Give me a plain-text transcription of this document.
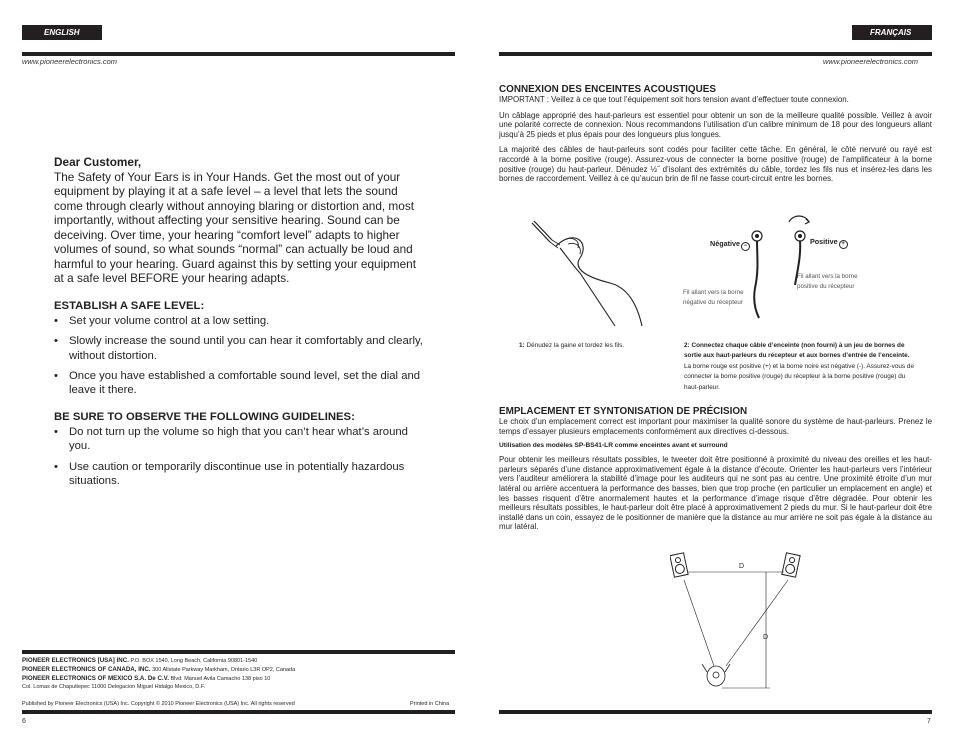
ENGLISH
www.pioneerelectronics.com
Dear Customer,
The Safety of Your Ears is in Your Hands. Get the most out of your equipment by playing it at a safe level – a level that lets the sound come through clearly without annoying blaring or distortion and, most importantly, without affecting your sensitive hearing. Sound can be deceiving. Over time, your hearing “comfort level” adapts to higher volumes of sound, so what sounds “normal” can actually be loud and harmful to your hearing. Guard against this by setting your equipment at a safe level BEFORE your hearing adapts.
ESTABLISH A SAFE LEVEL:
• Set your volume control at a low setting.
• Slowly increase the sound until you can hear it comfortably and clearly, without distortion.
• Once you have established a comfortable sound level, set the dial and leave it there.
BE SURE TO OBSERVE THE FOLLOWING GUIDELINES:
• Do not turn up the volume so high that you can’t hear what’s around you.
• Use caution or temporarily discontinue use in potentially hazardous situations.
PIONEER ELECTRONICS [USA] INC. P.O. BOX 1540, Long Beach, California 90801-1540
PIONEER ELECTRONICS OF CANADA, INC. 300 Allstate Parkway Markham, Ontario L3R OP2, Canada
PIONEER ELECTRONICS OF MEXICO S.A. De C.V. Blvd. Manuel Avila Camacho 138 piso 10
Col. Lomas de Chapultepec 11000 Delegacion Miguel Hidalgo Mexico, D.F.
Published by Pioneer Electronics (USA) Inc. Copyright © 2010 Pioneer Electronics (USA) Inc. All rights reserved	Printed in China
6
FRANÇAIS
www.pioneerelectronics.com
CONNEXION DES ENCEINTES ACOUSTIQUES
IMPORTANT : Veillez à ce que tout l’équipement soit hors tension avant d’effectuer toute connexion.
Un câblage approprié des haut-parleurs est essentiel pour obtenir un son de la meilleure qualité possible. Veillez à avoir une polarité correcte de connexion. Nous recommandons l’utilisation d’un calibre minimum de 18 pour des longueurs allant jusqu’à 25 pieds et plus épais pour des longueurs plus longues.
La majorité des câbles de haut-parleurs sont codés pour faciliter cette tâche. En général, le côté nervuré ou rayé est raccordé à la borne positive (rouge). Assurez-vous de connecter la borne positive (rouge) de l’amplificateur à la borne positive (rouge) du haut-parleur. Dénudez ½˝ d’isolant des extrémités du câble, tordez les fils nus et insérez-les dans les bornes de raccordement. Veillez à ce qu’aucun brin de fil ne fasse court-circuit entre les bornes.
Négative −	Positive +
Fil allant vers la borne négative du récepteur
Fil allant vers la borne positive du récepteur
1: Dénudez la gaine et tordez les fils.	2: Connectez chaque câble d’enceinte (non fourni) à un jeu de bornes de sortie aux haut-parleurs du récepteur et aux bornes d’entrée de l’enceinte. La borne rouge est positive (+) et la borne noire est négative (-). Assurez-vous de connecter la borne positive (rouge) du récepteur à la borne positive (rouge) du haut-parleur.
EMPLACEMENT ET SYNTONISATION DE PRÉCISION
Le choix d’un emplacement correct est important pour maximiser la qualité sonore du système de haut-parleurs. Prenez le temps d’essayer plusieurs emplacements conformément aux directives ci-dessous.
Utilisation des modèles SP-BS41-LR comme enceintes avant et surround
Pour obtenir les meilleurs résultats possibles, le tweeter doit être positionné à proximité du niveau des oreilles et les haut-parleurs séparés d’une distance approximativement égale à la distance d’écoute. Orienter les haut-parleurs vers l’intérieur vers l’auditeur améliorera la stabilité d’image pour les auditeurs qui ne sont pas au centre. Une proximité étroite d’un mur latéral ou arrière accentuera la performance des basses, bien que trop proche (en particulier un emplacement en angle) et les basses risquent d’être anormalement hautes et la performance d’image risque d’être dégradée. Pour obtenir les meilleurs résultats possibles, le haut-parleur doit être placé à approximativement 2 pieds du mur. Si le haut-parleur doit être installé dans un coin, essayez de le positionner de manière que la distance au mur arrière ne soit pas égale à la distance au mur latéral.
D
D
7
